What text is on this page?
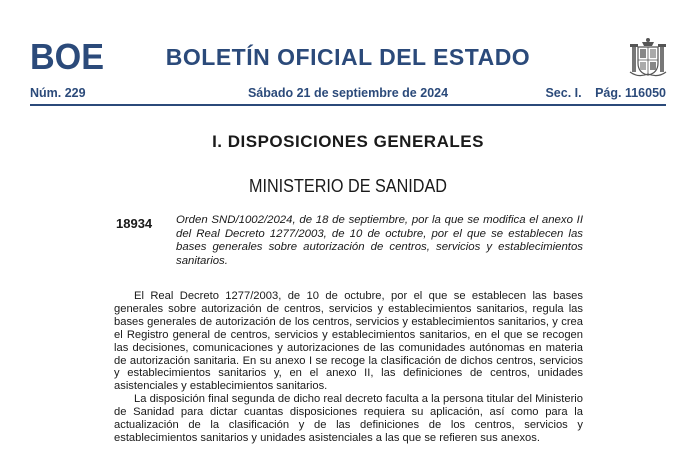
BOE	BOLETÍN OFICIAL DEL ESTADO
Núm. 229	Sábado 21 de septiembre de 2024	Sec. I. Pág. 116050
I. DISPOSICIONES GENERALES
MINISTERIO DE SANIDAD
18934 Orden SND/1002/2024, de 18 de septiembre, por la que se modifica el anexo II del Real Decreto 1277/2003, de 10 de octubre, por el que se establecen las bases generales sobre autorización de centros, servicios y establecimientos sanitarios.

El Real Decreto 1277/2003, de 10 de octubre, por el que se establecen las bases generales sobre autorización de centros, servicios y establecimientos sanitarios, regula las bases generales de autorización de los centros, servicios y establecimientos sanitarios, y crea el Registro general de centros, servicios y establecimientos sanitarios, en el que se recogen las decisiones, comunicaciones y autorizaciones de las comunidades autónomas en materia de autorización sanitaria. En su anexo I se recoge la clasificación de dichos centros, servicios y establecimientos sanitarios y, en el anexo II, las definiciones de centros, unidades asistenciales y establecimientos sanitarios.

La disposición final segunda de dicho real decreto faculta a la persona titular del Ministerio de Sanidad para dictar cuantas disposiciones requiera su aplicación, así como para la actualización de la clasificación y de las definiciones de los centros, servicios y establecimientos sanitarios y unidades asistenciales a las que se refieren sus anexos.
